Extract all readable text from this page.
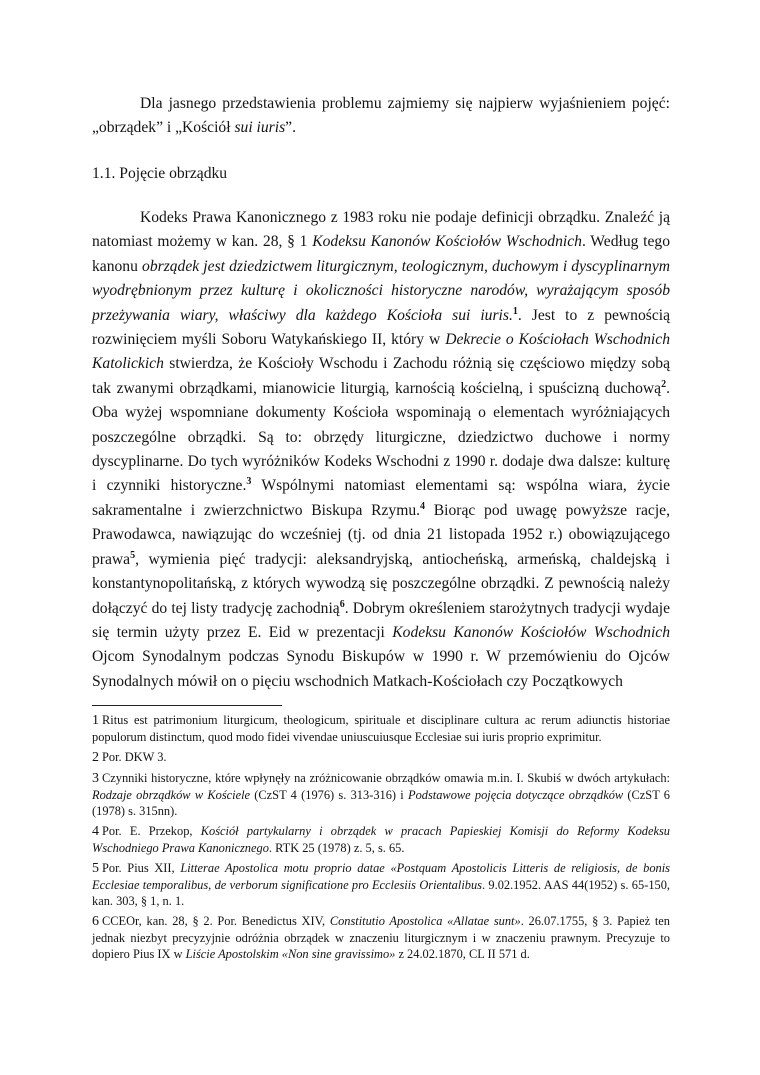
Dla jasnego przedstawienia problemu zajmiemy się najpierw wyjaśnieniem pojęć: „obrządek” i „Kościół sui iuris”.

1.1. Pojęcie obrządku

Kodeks Prawa Kanonicznego z 1983 roku nie podaje definicji obrządku. Znaleźć ją natomiast możemy w kan. 28, § 1 Kodeksu Kanonów Kościołów Wschodnich. Według tego kanonu obrządek jest dziedzictwem liturgicznym, teologicznym, duchowym i dyscyplinarnym wyodrębnionym przez kulturę i okoliczności historyczne narodów, wyrażającym sposób przeżywania wiary, właściwy dla każdego Kościoła sui iuris.$^1$. Jest to z pewnością rozwinięciem myśli Soboru Watykańskiego II, który w Dekrecie o Kościołach Wschodnich Katolickich stwierdza, że Kościoły Wschodu i Zachodu różnią się częściowo między sobą tak zwanymi obrządkami, mianowicie liturgią, karnością kościelną, i spuścizną duchową$^2$. Oba wyżej wspomniane dokumenty Kościoła wspominają o elementach wyróżniających poszczególne obrządki. Są to: obrzędy liturgiczne, dziedzictwo duchowe i normy dyscyplinarne. Do tych wyróżników Kodeks Wschodni z 1990 r. dodaje dwa dalsze: kulturę i czynniki historyczne.$^3$ Wspólnymi natomiast elementami są: wspólna wiara, życie sakramentalne i zwierzchnictwo Biskupa Rzymu.$^4$ Biorąc pod uwagę powyższe racje, Prawodawca, nawiązując do wcześniej (tj. od dnia 21 listopada 1952 r.) obowiązującego prawa$^5$, wymienia pięć tradycji: aleksandryjską, antiocheńską, armeńską, chaldejską i konstantynopolitańską, z których wywodzą się poszczególne obrządki. Z pewnością należy dołączyć do tej listy tradycję zachodnią$^6$. Dobrym określeniem starożytnych tradycji wydaje się termin użyty przez E. Eid w prezentacji Kodeksu Kanonów Kościołów Wschodnich Ojcom Synodalnym podczas Synodu Biskupów w 1990 r. W przemówieniu do Ojców Synodalnych mówił on o pięciu wschodnich Matkach-Kościołach czy Początkowych

1 Ritus est patrimonium liturgicum, theologicum, spirituale et disciplinare cultura ac rerum adiunctis historiae populorum distinctum, quod modo fidei vivendae uniuscuiusque Ecclesiae sui iuris proprio exprimitur.

2 Por. DKW 3.

3 Czynniki historyczne, które wpłynęły na zróżnicowanie obrządków omawia m.in. I. Skubiś w dwóch artykułach: Rodzaje obrządków w Kościele (CzST 4 (1976) s. 313-316) i Podstawowe pojęcia dotyczące obrządków (CzST 6 (1978) s. 315nn).

4 Por. E. Przekop, Kościół partykularny i obrządek w pracach Papieskiej Komisji do Reformy Kodeksu Wschodniego Prawa Kanonicznego. RTK 25 (1978) z. 5, s. 65.

5 Por. Pius XII, Litterae Apostolica motu proprio datae «Postquam Apostolicis Litteris de religiosis, de bonis Ecclesiae temporalibus, de verborum significatione pro Ecclesiis Orientalibus. 9.02.1952. AAS 44(1952) s. 65-150, kan. 303, § 1, n. 1.

6 CCEOr, kan. 28, § 2. Por. Benedictus XIV, Constitutio Apostolica «Allatae sunt». 26.07.1755, § 3. Papież ten jednak niezbyt precyzyjnie odróżnia obrządek w znaczeniu liturgicznym i w znaczeniu prawnym. Precyzuje to dopiero Pius IX w Liście Apostolskim «Non sine gravissimo» z 24.02.1870, CL II 571 d.
